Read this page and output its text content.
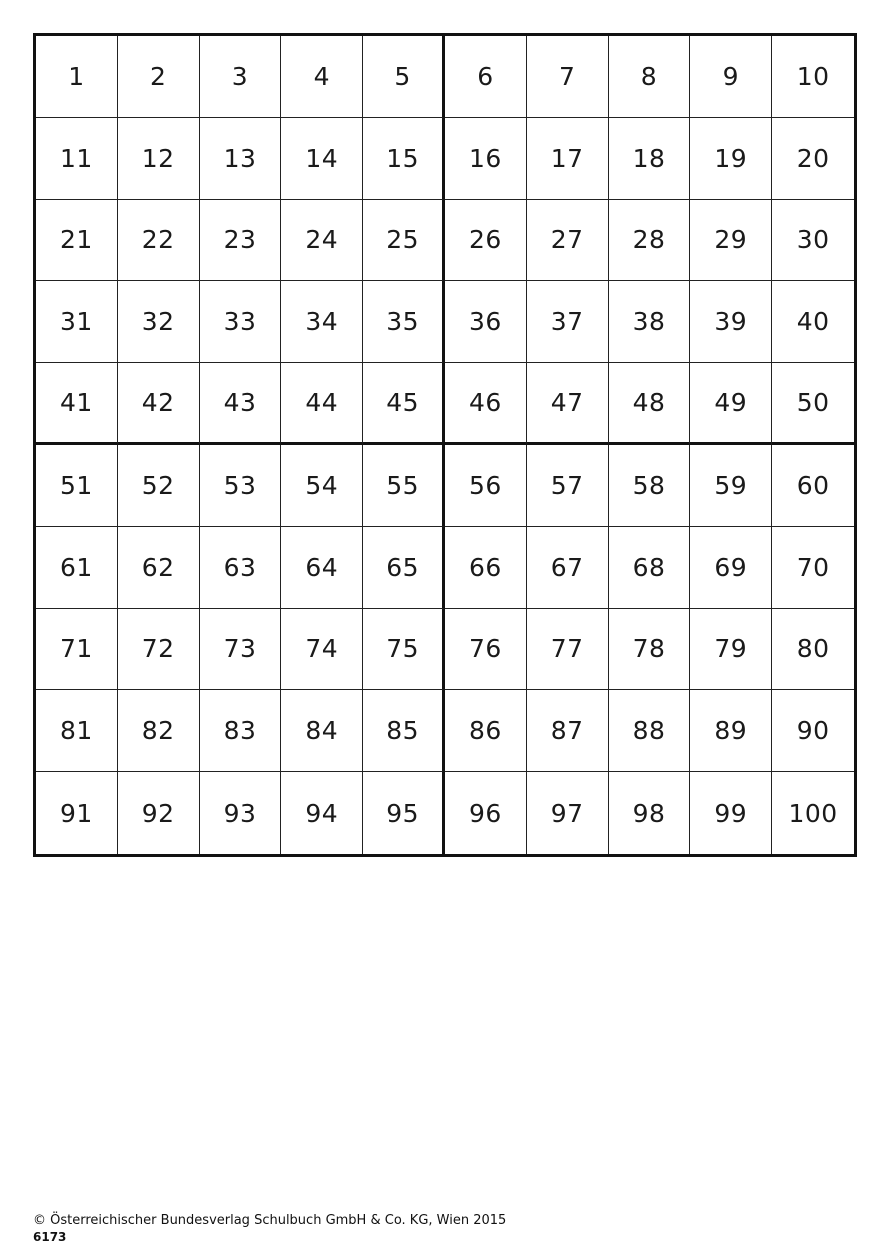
1	2	3	4	5	6	7	8	9	10
11	12	13	14	15	16	17	18	19	20
21	22	23	24	25	26	27	28	29	30
31	32	33	34	35	36	37	38	39	40
41	42	43	44	45	46	47	48	49	50
51	52	53	54	55	56	57	58	59	60
61	62	63	64	65	66	67	68	69	70
71	72	73	74	75	76	77	78	79	80
81	82	83	84	85	86	87	88	89	90
91	92	93	94	95	96	97	98	99	100
© Österreichischer Bundesverlag Schulbuch GmbH & Co. KG, Wien 2015
6173
